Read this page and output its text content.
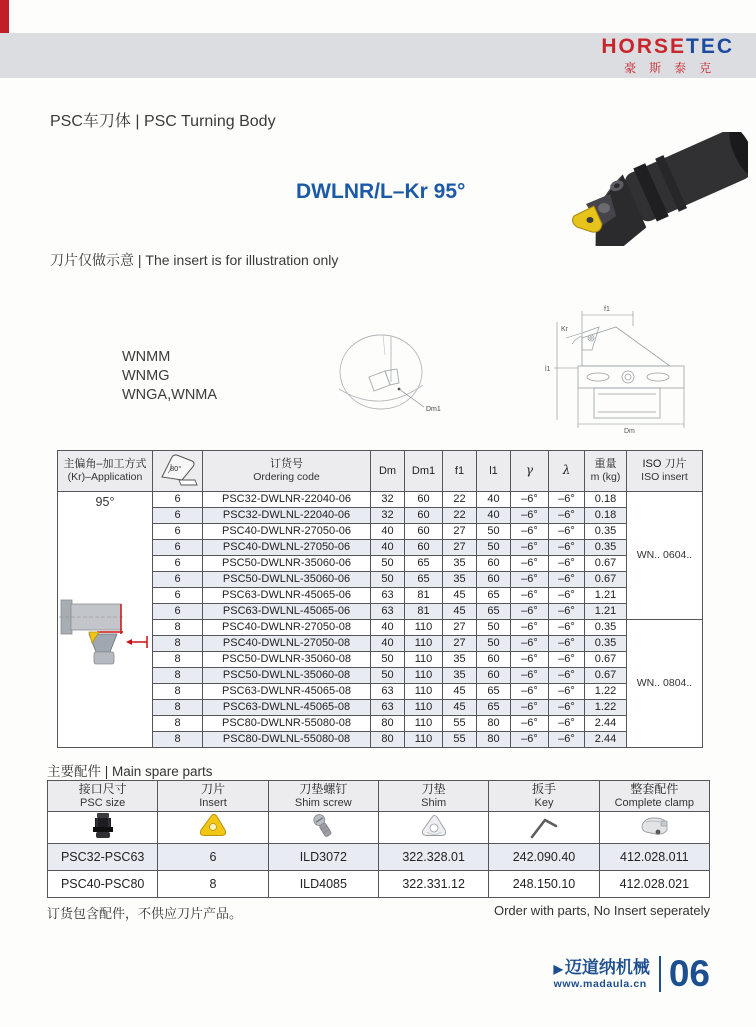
HORSETEC
豪斯泰克
PSC车刀体 | PSC Turning Body
DWLNR/L–Kr 95°
刀片仅做示意 | The insert is for illustration only
WNMM
WNMG
WNGA,WNMA
Dm1
f1
Kr
l1
Dm
主偏角–加工方式
(Kr)–Application

80°	订货号
Ordering code
	Dm	Dm1	f1	l1	γ	λ	重量
m (kg)

ISO 刀片
ISO insert

95°	6	PSC32-DWLNR-22040-06	32	60	22	40	–6°	–6°	0.18	WN.. 0604..
	6	PSC32-DWLNL-22040-06	32	60	22	40	–6°	–6°	0.18	
	6	PSC40-DWLNR-27050-06	40	60	27	50	–6°	–6°	0.35	
	6	PSC40-DWLNL-27050-06	40	60	27	50	–6°	–6°	0.35	
	6	PSC50-DWLNR-35060-06	50	65	35	60	–6°	–6°	0.67	
	6	PSC50-DWLNL-35060-06	50	65	35	60	–6°	–6°	0.67	
	6	PSC63-DWLNR-45065-06	63	81	45	65	–6°	–6°	1.21	
	6	PSC63-DWLNL-45065-06	63	81	45	65	–6°	–6°	1.21	
	8	PSC40-DWLNR-27050-08	40	110	27	50	–6°	–6°	0.35	WN.. 0804..
	8	PSC40-DWLNL-27050-08	40	110	27	50	–6°	–6°	0.35	
	8	PSC50-DWLNR-35060-08	50	110	35	60	–6°	–6°	0.67	
	8	PSC50-DWLNL-35060-08	50	110	35	60	–6°	–6°	0.67	
	8	PSC63-DWLNR-45065-08	63	110	45	65	–6°	–6°	1.22	
	8	PSC63-DWLNL-45065-08	63	110	45	65	–6°	–6°	1.22	
	8	PSC80-DWLNR-55080-08	80	110	55	80	–6°	–6°	2.44	
	8	PSC80-DWLNL-55080-08	80	110	55	80	–6°	–6°	2.44	
主要配件 | Main spare parts
接口尺寸
PSC size

刀片
Insert

刀垫螺钉
Shim screw

刀垫
Shim

扳手
Key

整套配件
Complete clamp

PSC32-PSC63	6	ILD3072	322.328.01	242.090.40	412.028.011
PSC40-PSC80	8	ILD4085	322.331.12	248.150.10	412.028.021
订货包含配件，不供应刀片产品。	Order with parts, No Insert seperately
▶ 迈道纳机械
www.madaula.cn 06
